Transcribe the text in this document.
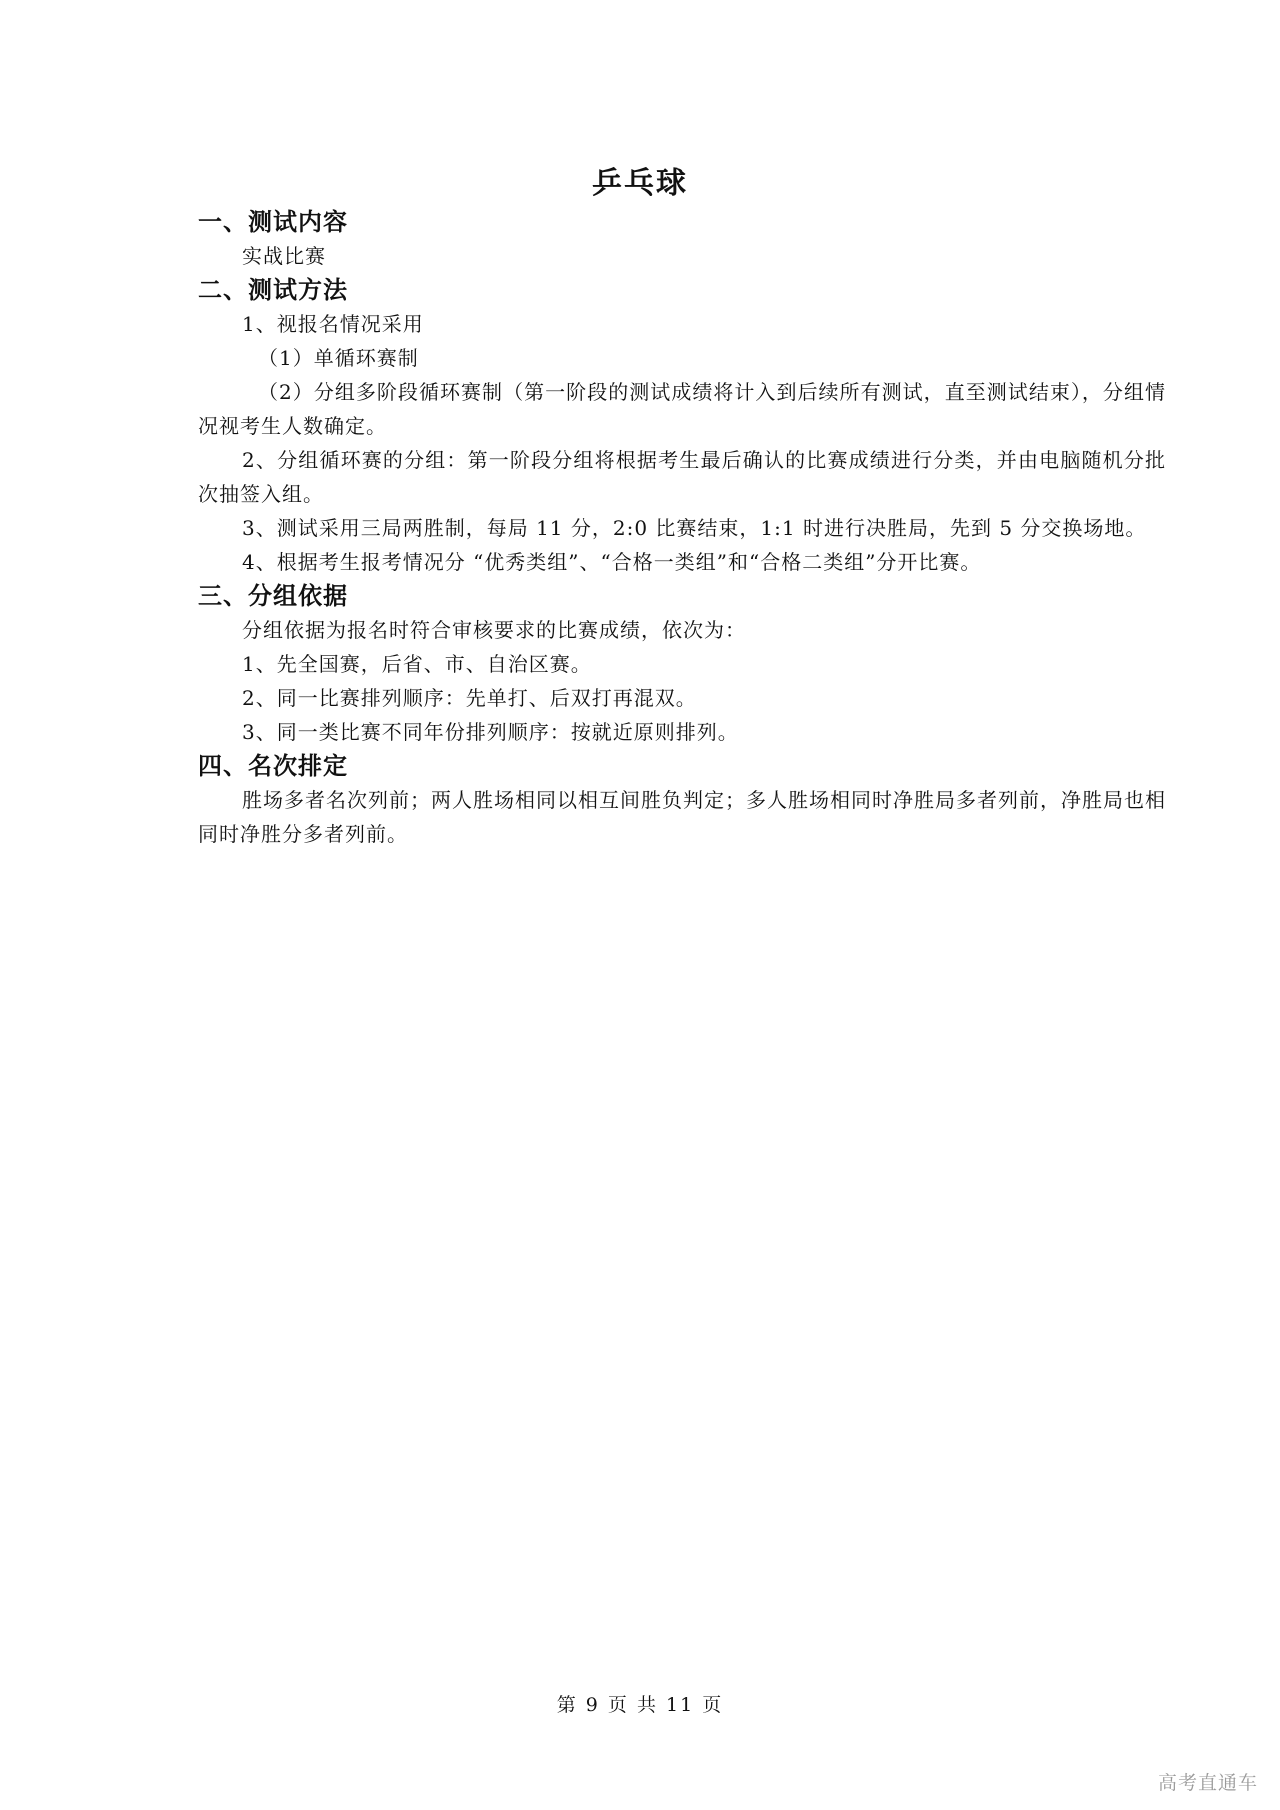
乒乓球

一、测试内容

实战比赛

二、测试方法

1、视报名情况采用

（1）单循环赛制

（2）分组多阶段循环赛制（第一阶段的测试成绩将计入到后续所有测试，直至测试结束），分组情况视考生人数确定。

2、分组循环赛的分组：第一阶段分组将根据考生最后确认的比赛成绩进行分类，并由电脑随机分批次抽签入组。

3、测试采用三局两胜制，每局 11 分，2:0 比赛结束，1:1 时进行决胜局，先到 5 分交换场地。

4、根据考生报考情况分 “优秀类组”、“合格一类组”和“合格二类组”分开比赛。

三、分组依据

分组依据为报名时符合审核要求的比赛成绩，依次为：

1、先全国赛，后省、市、自治区赛。

2、同一比赛排列顺序：先单打、后双打再混双。

3、同一类比赛不同年份排列顺序：按就近原则排列。

四、名次排定

胜场多者名次列前；两人胜场相同以相互间胜负判定；多人胜场相同时净胜局多者列前，净胜局也相同时净胜分多者列前。

第 9 页 共 11 页
高考直通车
